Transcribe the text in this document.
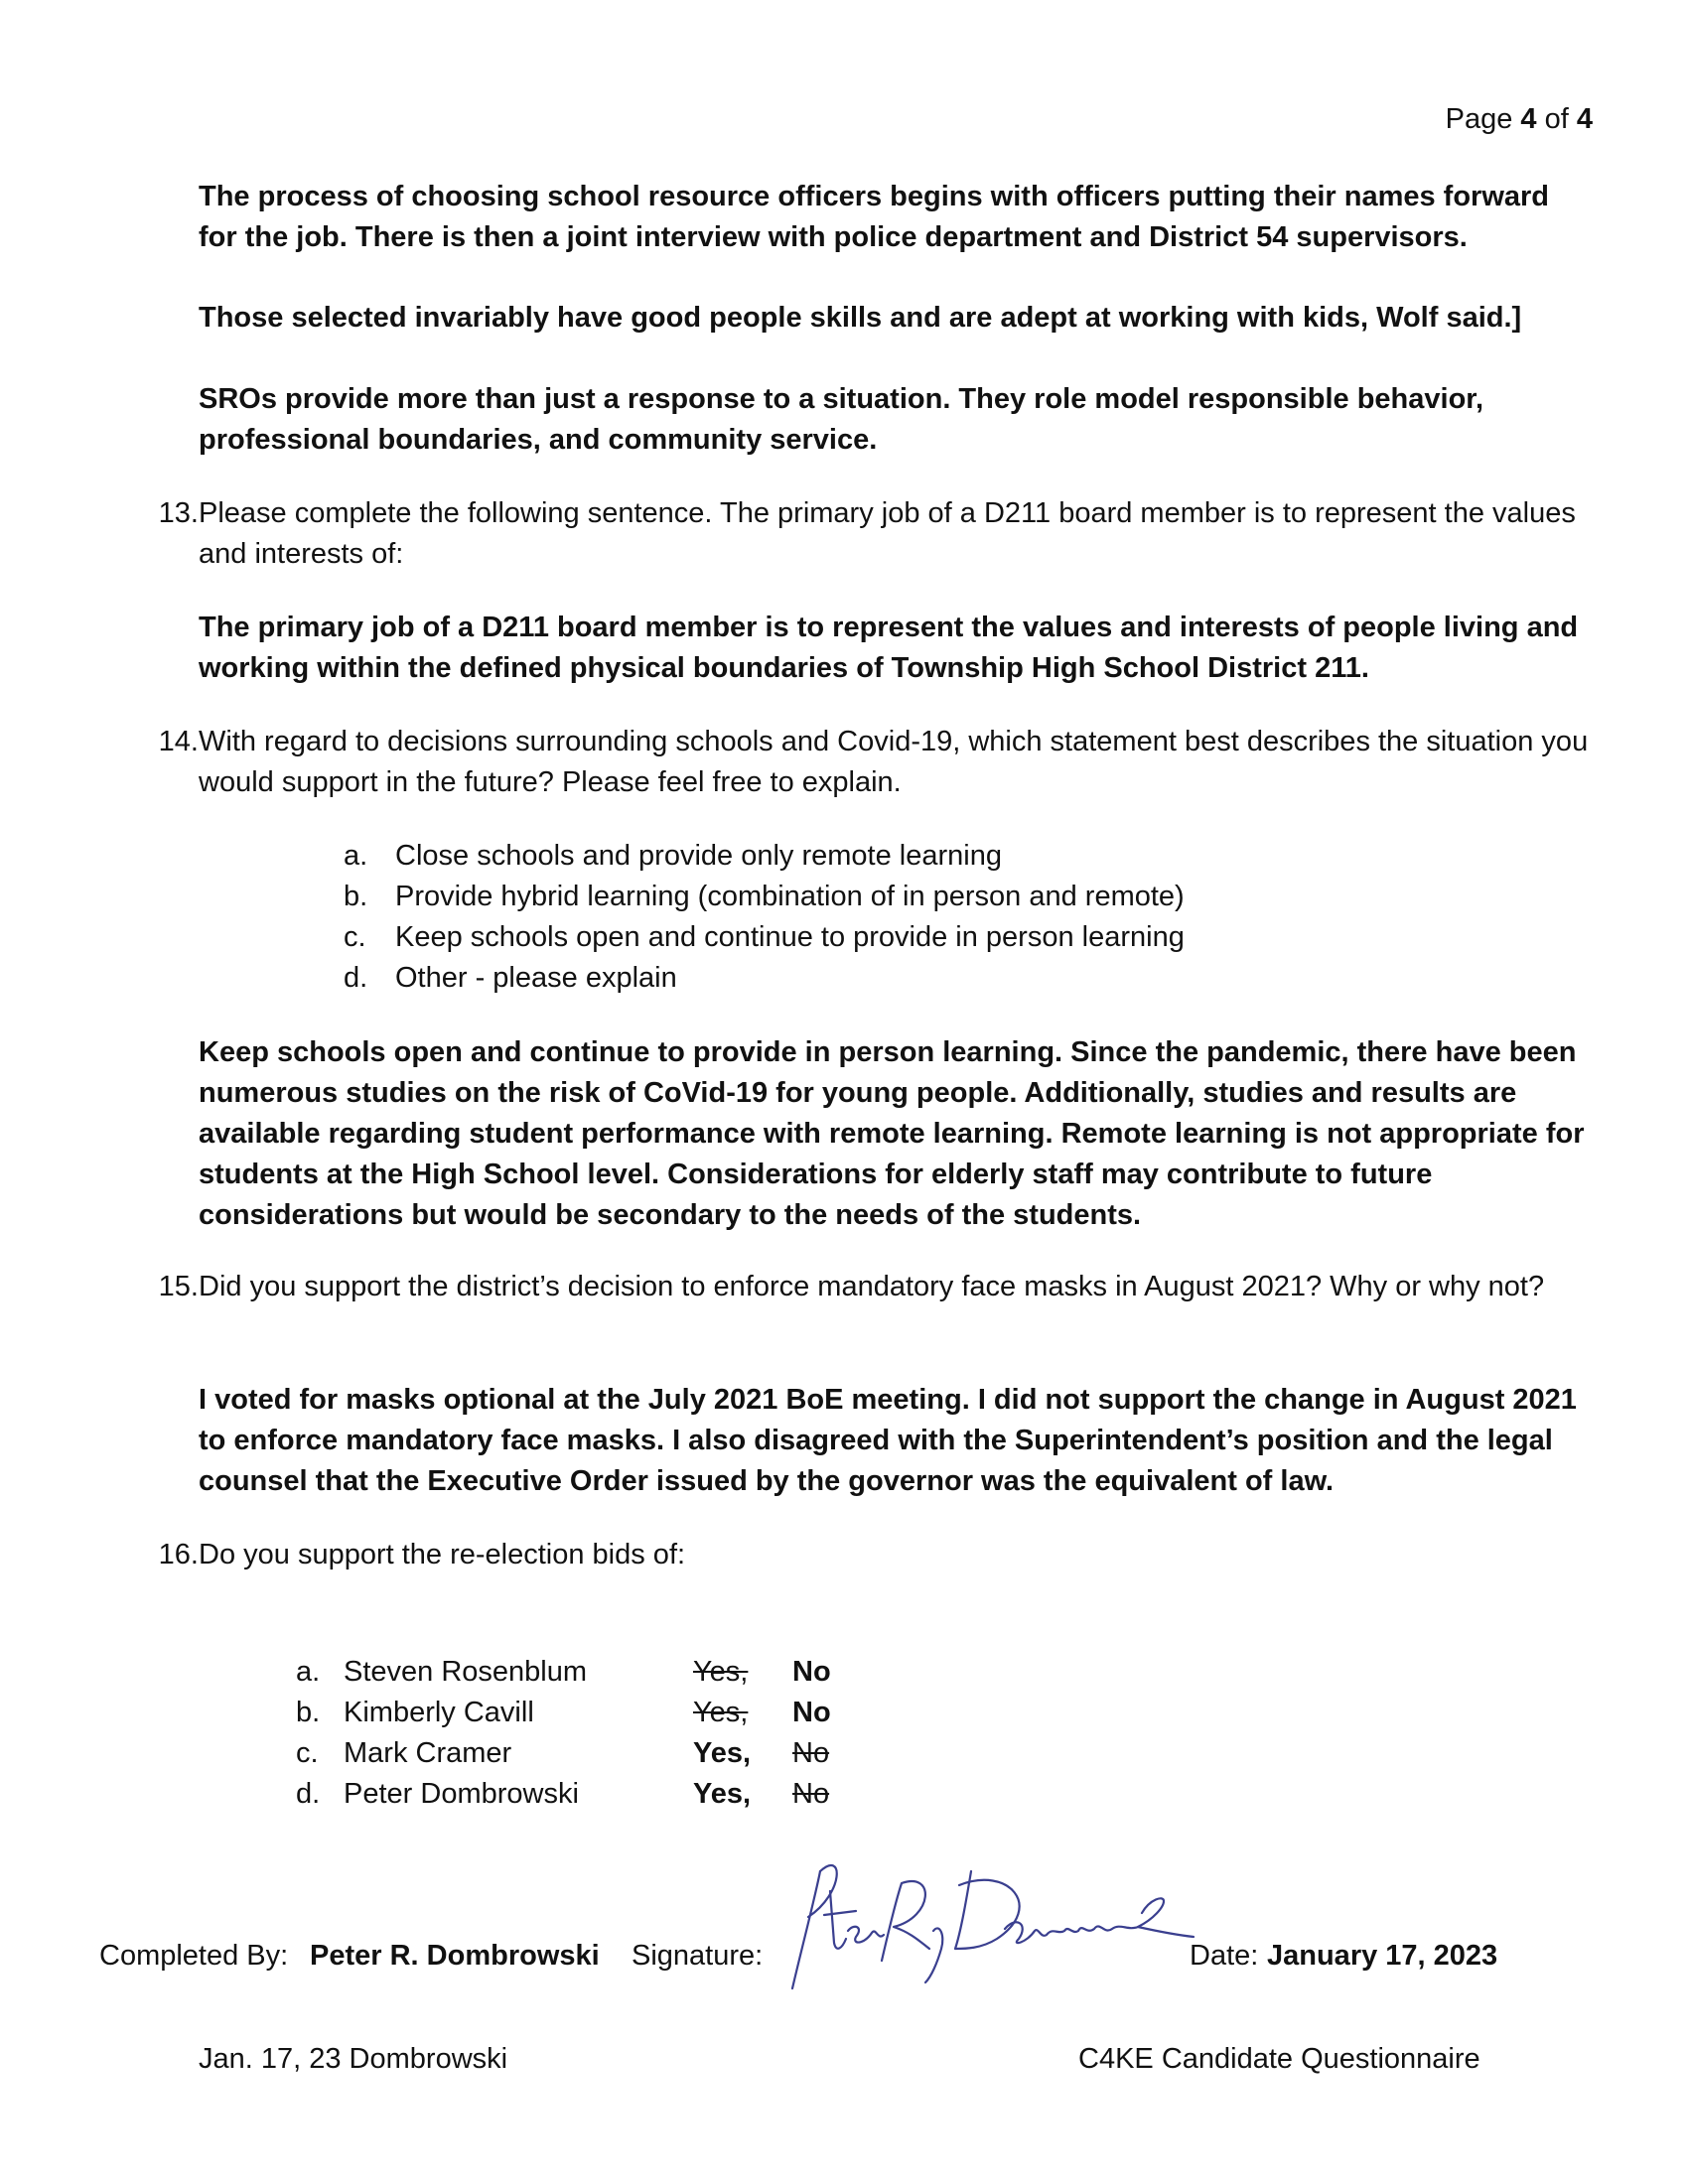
Page 4 of 4
The process of choosing school resource officers begins with officers putting their names forward for the job. There is then a joint interview with police department and District 54 supervisors.
Those selected invariably have good people skills and are adept at working with kids, Wolf said.]
SROs provide more than just a response to a situation. They role model responsible behavior, professional boundaries, and community service.
13. Please complete the following sentence. The primary job of a D211 board member is to represent the values and interests of:
The primary job of a D211 board member is to represent the values and interests of people living and working within the defined physical boundaries of Township High School District 211.
14. With regard to decisions surrounding schools and Covid-19, which statement best describes the situation you would support in the future? Please feel free to explain.
a. Close schools and provide only remote learning
b. Provide hybrid learning (combination of in person and remote)
c.	Keep schools open and continue to provide in person learning
d. Other - please explain
Keep schools open and continue to provide in person learning. Since the pandemic, there have been numerous studies on the risk of CoVid-19 for young people. Additionally, studies and results are available regarding student performance with remote learning. Remote learning is not appropriate for students at the High School level. Considerations for elderly staff may contribute to future considerations but would be secondary to the needs of the students.
15. Did you support the district’s decision to enforce mandatory face masks in August 2021? Why or why not?
I voted for masks optional at the July 2021 BoE meeting. I did not support the change in August 2021 to enforce mandatory face masks. I also disagreed with the Superintendent’s position and the legal counsel that the Executive Order issued by the governor was the equivalent of law.
16. Do you support the re-election bids of:
a. Steven Rosenblum	Yes,	No
b. Kimberly Cavill	Yes,	No
c. Mark Cramer	Yes,	No
d. Peter Dombrowski	Yes,	No
Completed By: Peter R. Dombrowski Signature:	Date: January 17, 2023
Jan. 17, 23 Dombrowski	C4KE Candidate Questionnaire
